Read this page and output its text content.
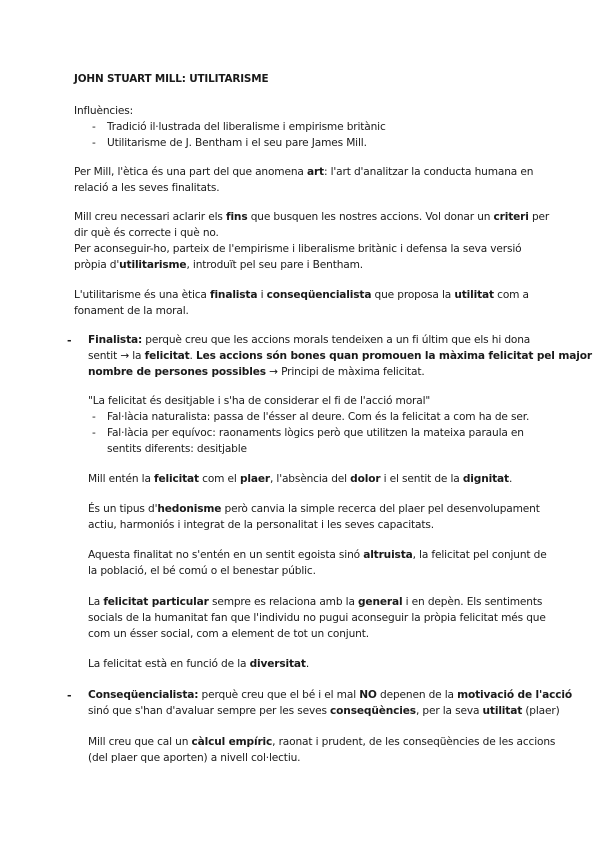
JOHN STUART MILL: UTILITARISME
Influències:
- Tradició il·lustrada del liberalisme i empirisme britànic
- Utilitarisme de J. Bentham i el seu pare James Mill.
Per Mill, l'ètica és una part del que anomena art: l'art d'analitzar la conducta humana en
relació a les seves finalitats.
Mill creu necessari aclarir els fins que busquen les nostres accions. Vol donar un criteri per
dir què és correcte i què no.
Per aconseguir-ho, parteix de l'empirisme i liberalisme britànic i defensa la seva versió
pròpia d'utilitarisme, introduït pel seu pare i Bentham.
L'utilitarisme és una ètica finalista i conseqüencialista que proposa la utilitat com a
fonament de la moral.
- Finalista: perquè creu que les accions morals tendeixen a un fi últim que els hi dona
sentit → la felicitat. Les accions són bones quan promouen la màxima felicitat pel major
nombre de persones possibles → Principi de màxima felicitat.
"La felicitat és desitjable i s'ha de considerar el fi de l'acció moral"
- Fal·làcia naturalista: passa de l'ésser al deure. Com és la felicitat a com ha de ser.
- Fal·làcia per equívoc: raonaments lògics però que utilitzen la mateixa paraula en
sentits diferents: desitjable
Mill entén la felicitat com el plaer, l'absència del dolor i el sentit de la dignitat.
És un tipus d'hedonisme però canvia la simple recerca del plaer pel desenvolupament
actiu, harmoniós i integrat de la personalitat i les seves capacitats.
Aquesta finalitat no s'entén en un sentit egoista sinó altruista, la felicitat pel conjunt de
la població, el bé comú o el benestar públic.
La felicitat particular sempre es relaciona amb la general i en depèn. Els sentiments
socials de la humanitat fan que l'individu no pugui aconseguir la pròpia felicitat més que
com un ésser social, com a element de tot un conjunt.
La felicitat està en funció de la diversitat.
- Conseqüencialista: perquè creu que el bé i el mal NO depenen de la motivació de l'acció
sinó que s'han d'avaluar sempre per les seves conseqüències, per la seva utilitat (plaer)
Mill creu que cal un càlcul empíric, raonat i prudent, de les conseqüències de les accions
(del plaer que aporten) a nivell col·lectiu.
